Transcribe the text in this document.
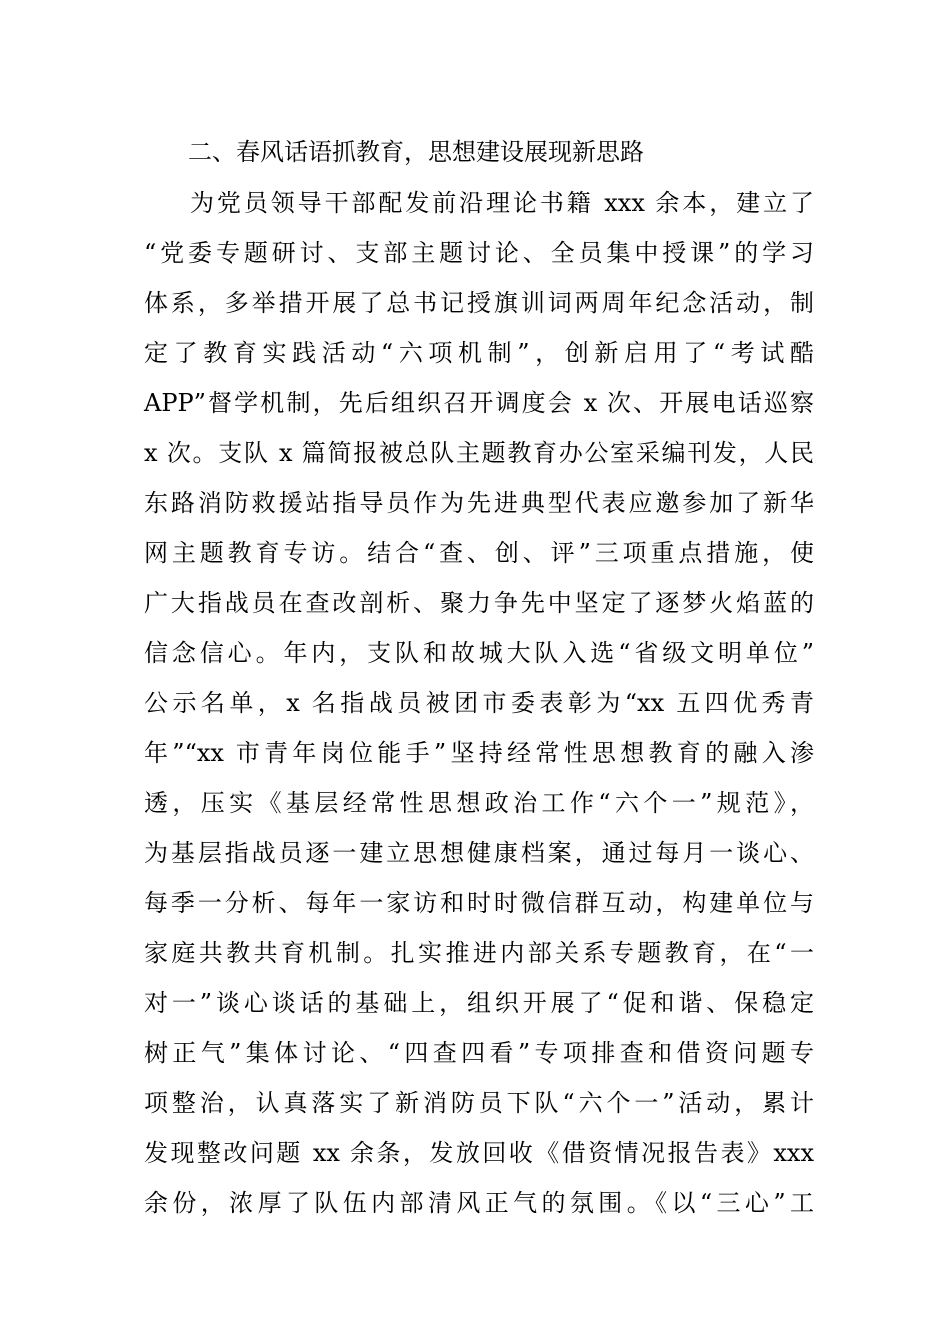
二、春风话语抓教育，思想建设展现新思路
为党员领导干部配发前沿理论书籍 xxx 余本，建立了
“党委专题研讨、支部主题讨论、全员集中授课”的学习
体系，多举措开展了总书记授旗训词两周年纪念活动，制
定了教育实践活动“六项机制”，创新启用了“考试酷
APP”督学机制，先后组织召开调度会 x 次、开展电话巡察
x 次。支队 x 篇简报被总队主题教育办公室采编刊发，人民
东路消防救援站指导员作为先进典型代表应邀参加了新华
网主题教育专访。结合“查、创、评”三项重点措施，使
广大指战员在查改剖析、聚力争先中坚定了逐梦火焰蓝的
信念信心。年内，支队和故城大队入选“省级文明单位”
公示名单，x 名指战员被团市委表彰为“xx 五四优秀青
年”“xx 市青年岗位能手”坚持经常性思想教育的融入渗
透，压实《基层经常性思想政治工作“六个一”规范》，
为基层指战员逐一建立思想健康档案，通过每月一谈心、
每季一分析、每年一家访和时时微信群互动，构建单位与
家庭共教共育机制。扎实推进内部关系专题教育，在“一
对一”谈心谈话的基础上，组织开展了“促和谐、保稳定
树正气”集体讨论、“四查四看”专项排查和借资问题专
项整治，认真落实了新消防员下队“六个一”活动，累计
发现整改问题 xx 余条，发放回收《借资情况报告表》xxx
余份，浓厚了队伍内部清风正气的氛围。《以“三心”工
